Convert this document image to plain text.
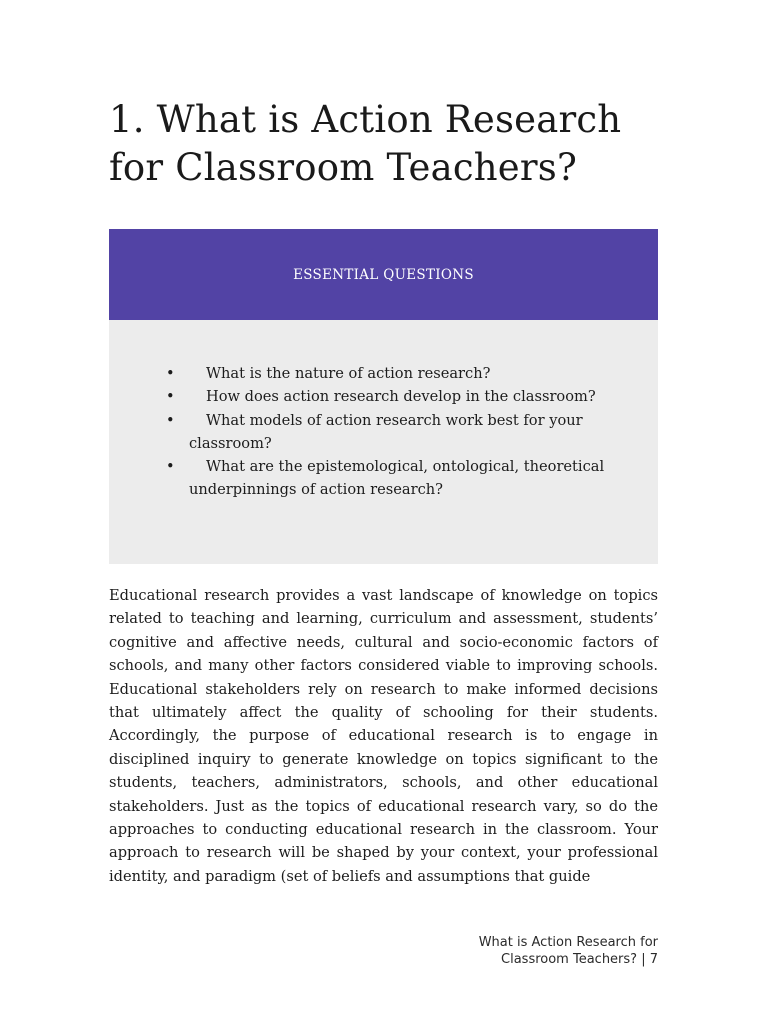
1. What is Action Research
for Classroom Teachers?
ESSENTIAL QUESTIONS
• What is the nature of action research?
• How does action research develop in the classroom?
• What models of action research work best for your classroom?
• What are the epistemological, ontological, theoretical underpinnings of action research?

Educational research provides a vast landscape of knowledge on topics related to teaching and learning, curriculum and assessment, students’ cognitive and affective needs, cultural and socio-economic factors of schools, and many other factors considered viable to improving schools. Educational stakeholders rely on research to make informed decisions that ultimately affect the quality of schooling for their students. Accordingly, the purpose of educational research is to engage in disciplined inquiry to generate knowledge on topics significant to the students, teachers, administrators, schools, and other educational stakeholders. Just as the topics of educational research vary, so do the approaches to conducting educational research in the classroom. Your approach to research will be shaped by your context, your professional identity, and paradigm (set of beliefs and assumptions that guide

What is Action Research for
Classroom Teachers? | 7
